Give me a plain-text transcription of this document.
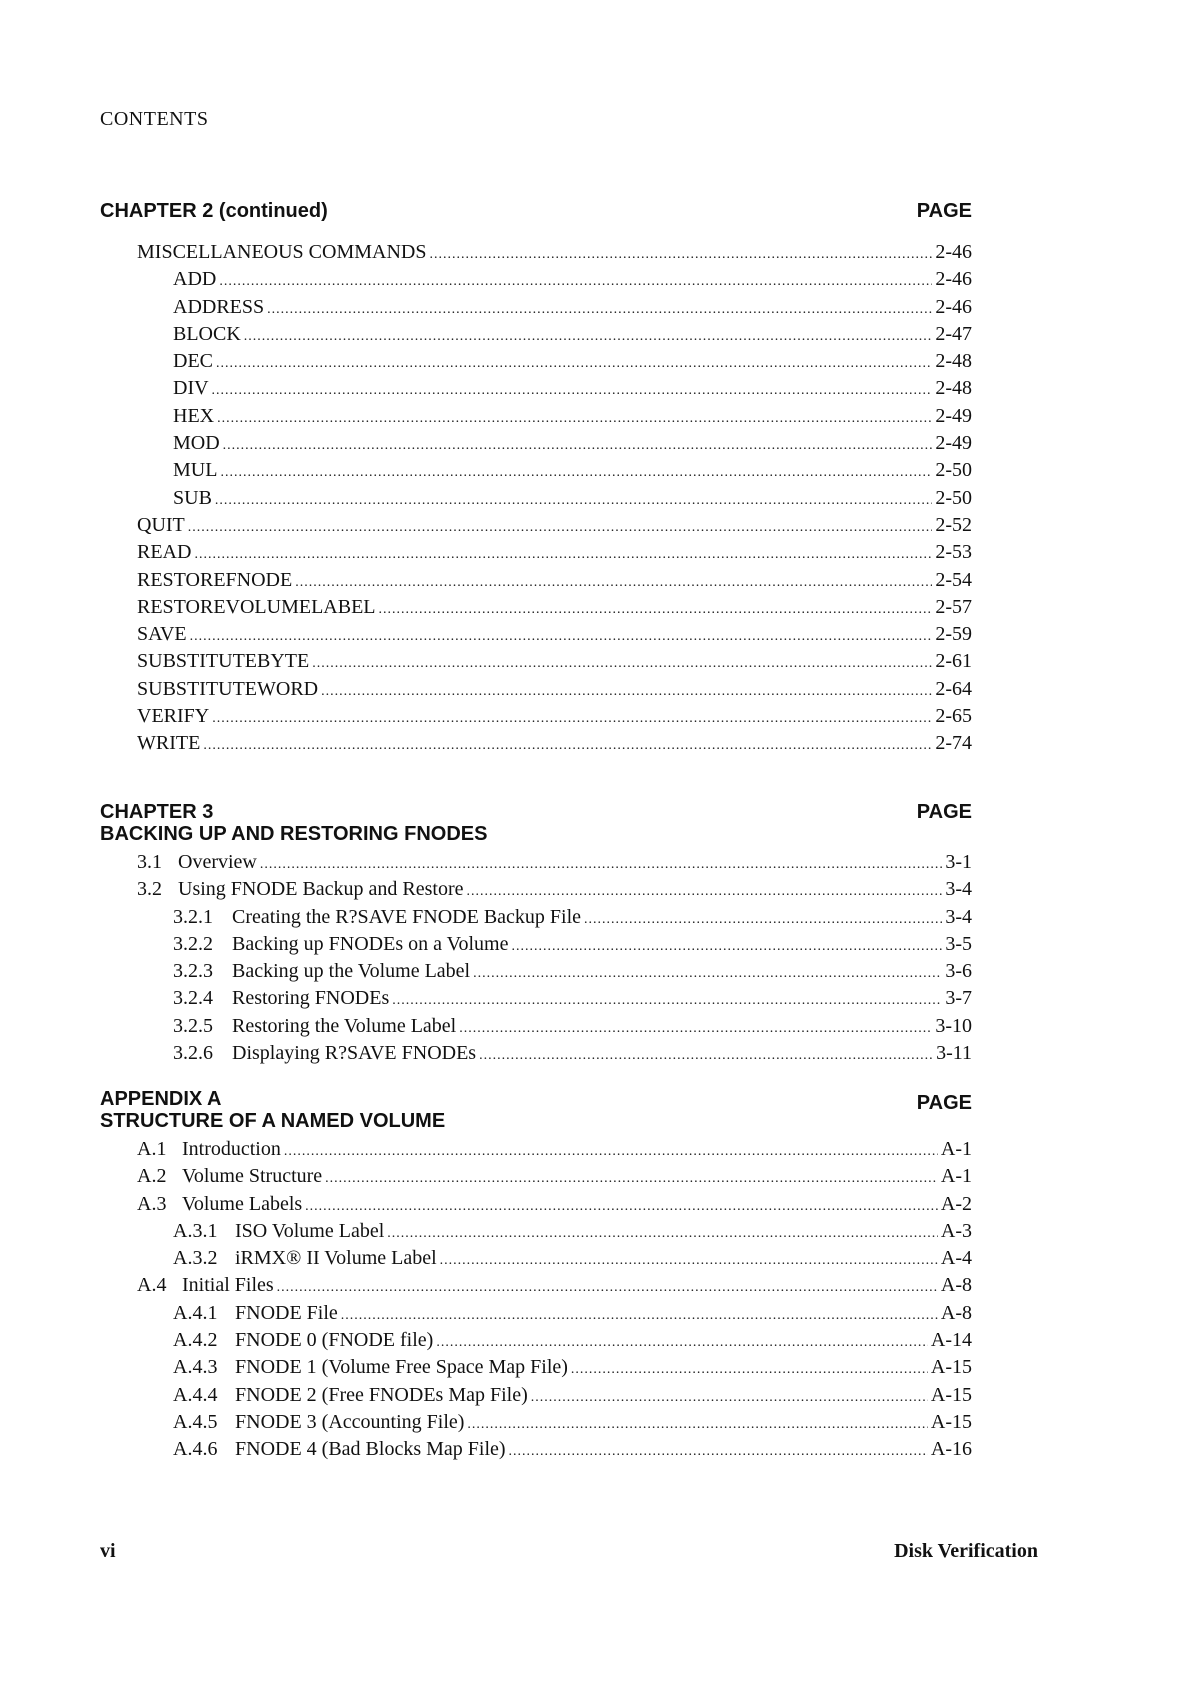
CONTENTS
CHAPTER 2 (continued)	PAGE
MISCELLANEOUS COMMANDS .....	2-46
ADD .....	2-46
ADDRESS .....	2-46
BLOCK .....	2-47
DEC .....	2-48
DIV .....	2-48
HEX .....	2-49
MOD .....	2-49
MUL .....	2-50
SUB .....	2-50
QUIT .....	2-52
READ .....	2-53
RESTOREFNODE .....	2-54
RESTOREVOLUMELABEL .....	2-57
SAVE .....	2-59
SUBSTITUTEBYTE .....	2-61
SUBSTITUTEWORD .....	2-64
VERIFY .....	2-65
WRITE .....	2-74
CHAPTER 3	PAGE
BACKING UP AND RESTORING FNODES
3.1 Overview .....	3-1
3.2 Using FNODE Backup and Restore .....	3-4
3.2.1 Creating the R?SAVE FNODE Backup File .....	3-4
3.2.2 Backing up FNODEs on a Volume .....	3-5
3.2.3 Backing up the Volume Label .....	3-6
3.2.4 Restoring FNODEs .....	3-7
3.2.5 Restoring the Volume Label .....	3-10
3.2.6 Displaying R?SAVE FNODEs .....	3-11
APPENDIX A	PAGE
STRUCTURE OF A NAMED VOLUME
A.1 Introduction .....	A-1
A.2 Volume Structure .....	A-1
A.3 Volume Labels .....	A-2
A.3.1 ISO Volume Label .....	A-3
A.3.2 iRMX® II Volume Label .....	A-4
A.4 Initial Files .....	A-8
A.4.1 FNODE File .....	A-8
A.4.2 FNODE 0 (FNODE file) .....	A-14
A.4.3 FNODE 1 (Volume Free Space Map File) .....	A-15
A.4.4 FNODE 2 (Free FNODEs Map File) .....	A-15
A.4.5 FNODE 3 (Accounting File) .....	A-15
A.4.6 FNODE 4 (Bad Blocks Map File) .....	A-16
vi	Disk Verification
